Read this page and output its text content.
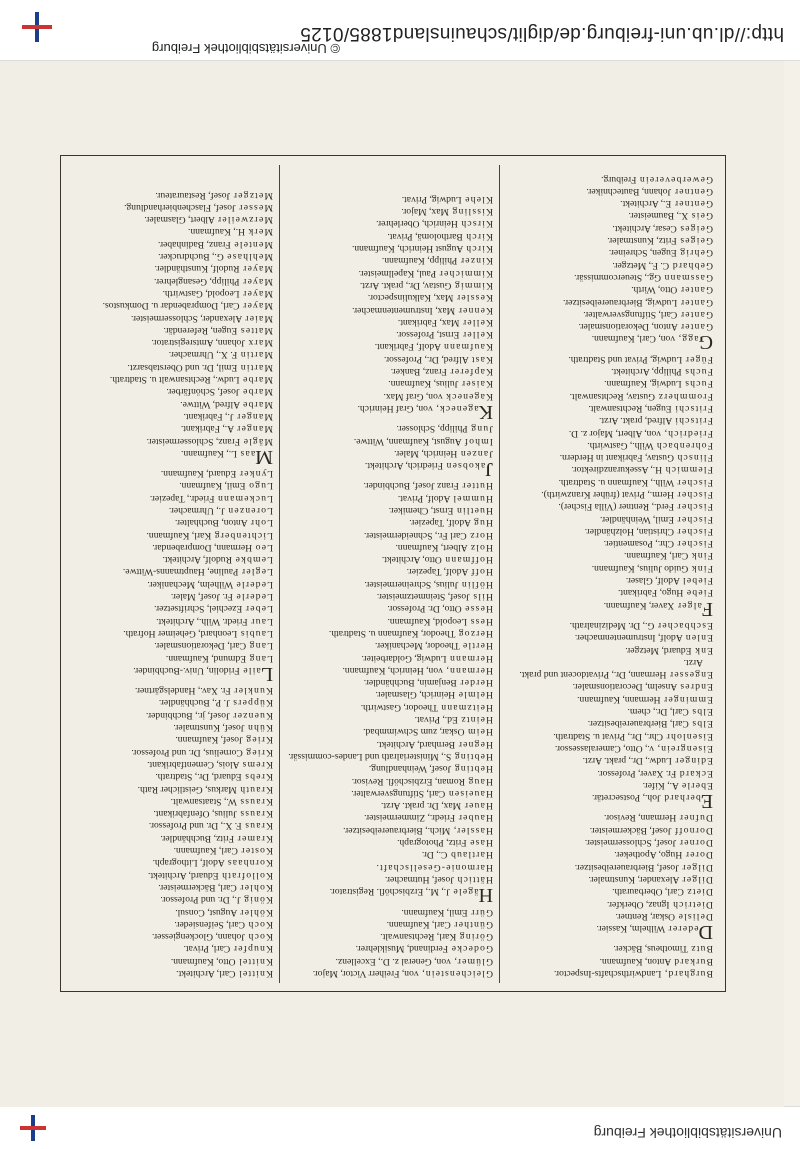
Universitätsbibliothek Freiburg

Burghard, Landwirthschafts-Inspector.

Burkard Anton, Kaufmann.

Butz Timotheus, Bäcker.

Dederer Wilhelm, Kassier.

Delisle Oskar, Rentner.

Dietrich Ignaz, Oberkfer.

Dietz Carl, Oberbaurath.

Dilger Alexander, Kunstmaler.

Dilger Josef, Bierbrauereibesitzer.

Dorer Hugo, Apotheker.

Dorner Josef, Schlossermeister.

Dornoff Josef, Bäckermeister.

Dufner Hermann, Revisor.

Eberhard Joh., Postsecretär.

Eberle A., Kifer.

Eckard Fr. Xaver, Professor.

Edinger Ludw., Dr., prakt. Arzt.

Eisengrein, v., Otto, Cameralassessor.

Eisenlohr Chr., Dr., Privat u. Stadtrath.

Elbs Carl, Bierbrauereibesitzer.

Elbs Carl, Dr., chem.

Emminger Hermann, Kaufmann.

Endres Anselm, Decorationsmaler.

Engesser Hermann, Dr., Privatdocent und prakt. Arzt.

Enk Eduard, Metzger.

Enlen Adolf, Instrumentenmacher.

Eschbacher G., Dr. Medizinalrath.

Falger Xaver, Kaufmann.

Fiebe Hugo, Fabrikant.

Fiebel Adolf, Glaser.

Fink Guido Julius, Kaufmann.

Fink Carl, Kaufmann.

Fischer Chr., Posamentier.

Fischer Christian, Holzhändler.

Fischer Emil, Weinhändler.

Fischer Ferd., Rentner (Villa Fischer).

Fischer Herm., Privat (früher Kranzwirth).

Fischer Wilh., Kaufmann u. Stadtrath.

Flemmich H., Assekuranzdirektor.

Flinsch Gustav, Fabrikant in Herdern.

Fohrenbach Wilh., Gastwirth.

Friedrich, von, Albert, Major z. D.

Fritschi Alfred, prakt. Arzt.

Fritschi Eugen, Rechtsanwalt.

Frommherz Gustav, Rechtsanwalt.

Fuchs Ludwig, Kaufmann.

Fuchs Philipp, Architekt.

Füger Ludwig, Privat und Stadtrath.

Gagg, von, Carl, Kaufmann.

Ganter Anton, Dekorationsmaler.

Ganter Carl, Stiftungsverwalter.

Ganter Ludwig, Bierbrauereibesitzer.

Ganter Otto, Wirth.

Gassmann Gg., Steuercommissär.

Gebhard C. F., Metzger.

Gehrig Eugen, Schreiner.

Geiges Fritz, Kunstmaler.

Geiges Cesar, Architekt.

Geis X., Baumeister.

Gentner E., Architekt.

Gentner Johann, Bautechniker.

Gewerbeverein Freiburg.

Gleichenstein, von, Freiherr Victor, Major.

Glümer, von, General z. D., Excellenz.

Godecke Ferdinand, Musiklehrer.

Göring Karl, Rechtsanwalt.

Günther Carl, Kaufmann.

Gürr Emil, Kaufmann.

Hägele J., M., Erzbischöfl. Registrator.

Hättich Josef, Hutmacher.

Harmonie-Gesellschaft.

Hartlaub C., Dr.

Hase Fritz, Photograph.

Hassler, Mich., Bierbrauereibesitzer.

Hauber Friedr., Zimmermeister.

Hauer Max, Dr. prakt. Arzt.

Haueisen Carl, Stiftungsverwalter.

Haug Roman, Erzbischöfl. Revisor.

Hebting Josef, Weinhandlung.

Hebting S., Ministerialrath und Landes-commissär.

Hegner Bernhard, Architekt.

Heim Oskar, zum Schwimmbad.

Heintz Ed., Privat.

Heitzmann Theodor, Gastwirth.

Helmle Heinrich, Glasmaler.

Herder Benjamin, Buchhändler.

Hermann, von, Heinrich, Kaufmann.

Hermann Ludwig, Goldarbeiter.

Hertle Theodor, Mechaniker.

Herzog Theodor, Kaufmann u. Stadtrath.

Hess Leopold, Kaufmann.

Hesse Otto, Dr. Professor.

Hils Josef, Steinmetzmeister.

Höflin Julius, Schreinermeister.

Hoff Adolf, Tapezier.

Hoffmann Otto, Architekt.

Holz Albert, Kaufmann.

Horz Carl Fr., Schneidermeister.

Hug Adolf, Tapezier.

Huetlin Ernst, Chemiker.

Hummel Adolf, Privat.

Hutter Franz Josef, Buchbinder.

Jakobsen Friedrich, Architekt.

Janzen Heinrich, Maler.

Imhof August, Kaufmann, Wittwe.

Jung Philipp, Schlosser.

Kageneck, von, Graf Heinrich.

Kageneck von, Graf Max.

Kaiser Julius, Kaufmann.

Kapferer Franz, Banker.

Kast Alfred, Dr., Professor.

Kaufmann Adolf, Fabrikant.

Keller Ernst, Professor.

Keller Max, Fabrikant.

Kenner Max, Instrumentenmacher.

Kessler Max, Kalkulinspector.

Kimmig Gustav, Dr., prakt. Arzt.

Kimmicher Paul, Kapellmeister.

Kinzer Philipp, Kaufmann.

Kirch August Heinrich, Kaufmann.

Kirch Bartholomä, Privat.

Kirsch Heinrich, Oberlehrer.

Kissling Max, Major.

Klehe Ludwig, Privat.

Knittel Carl, Architekt.

Knittel Otto, Kaufmann.

Knupfer Carl, Privat.

Koch Johann, Glockengiesser.

Koch Carl, Seifensieder.

Köhler August, Consul.

König J., Dr. und Professor.

Kohler Carl, Bäckermeister.

Kollofrath Eduard, Architekt.

Kornhaas Adolf, Lithograph.

Koster Carl, Kaufmann.

Kramer Fritz, Buchhändler.

Kraus F. X., Dr. und Professor.

Krauss Julius, Ofenfabrikant.

Krauss W., Staatsanwalt.

Krauth Markus, Geistlicher Rath.

Krebs Eduard, Dr., Stadtrath.

Krems Alois, Cementfabrikant.

Krieg Cornelius, Dr. und Professor.

Krieg Josef, Kaufmann.

Kühn Josef, Kunstmaler.

Kuenzer Josef, jr., Buchbinder.

Küppers J. P., Buchhändler.

Kunkler Fr. Xav., Handelsgärtner.

Laile Fridolin, Univ.-Buchbinder.

Lang Edmund, Kaufmann.

Lang Carl, Dekorationsmaler.

Laubis Leonhard, Geheimer Hofrath.

Laur Friedr. Wilh., Architekt.

Leber Ezechiel, Schriftsetzer.

Lederle Fr. Josef, Maler.

Lederle Wilhelm, Mechaniker.

Legler Pauline, Hauptmanns-Wittwe.

Lembke Rudolf, Architekt.

Leo Hermann, Domprabendar.

Lichtenberg Karl, Kaufmann.

Lohr Anton, Buchhalter.

Lorenzen J., Uhrmacher.

Luckemann Friedr., Tapezier.

Lugo Emil, Kaufmann.

Lynker Eduard, Kaufmann.

Maas L., Kaufmann.

Mägle Franz, Schlossermeister.

Manger A., Fabrikant.

Manger J., Fabrikant.

Marbe Alfred, Wittwe.

Marbe Josef, Schönfärber.

Marbe Ludw., Rechtsanwalt u. Stadtrath.

Martin Emil, Dr. und Oberstabsarzt.

Martin F. X., Uhrmacher.

Marx Johann, Amtsregistrator.

Mattes Eugen, Referendär.

Maier Alexander, Schlossermeister.

Mayer Carl, Domprabendar u. Domkustos.

Mayer Leopold, Gastwirth.

Mayer Philipp, Gesanglehrer.

Mayer Rudolf, Kunsthändler.

Mehlhase G., Buchdrucker.

Mentele Franz, Badinhaber.

Merk H., Kaufmann.

Merzweiler Albert, Glasmaler.

Messer Josef, Flaschenbierhandlung.

Metzger Josef, Restaurateur.

http://dl.ub.uni-freiburg.de/diglit/schauinsland1885/0125
© Universitätsbibliothek Freiburg
